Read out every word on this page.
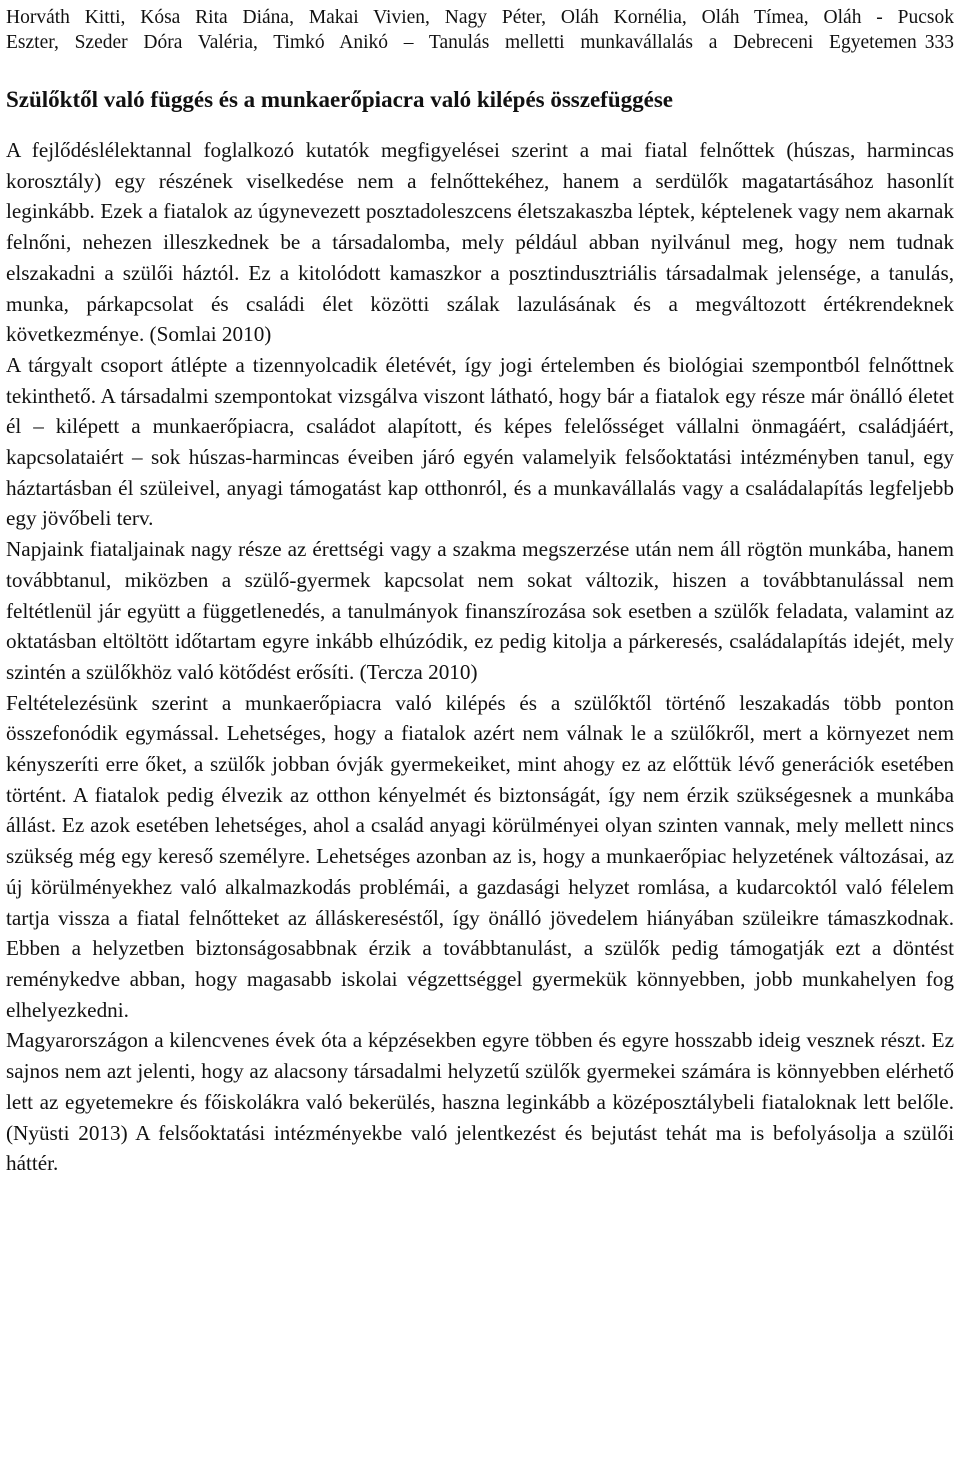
Horváth Kitti, Kósa Rita Diána, Makai Vivien, Nagy Péter, Oláh Kornélia, Oláh Tímea, Oláh - Pucsok
Eszter, Szeder Dóra Valéria, Timkó Anikó – Tanulás melletti munkavállalás a Debreceni Egyetemen 333
Szülőktől való függés és a munkaerőpiacra való kilépés összefüggése

A fejlődéslélektannal foglalkozó kutatók megfigyelései szerint a mai fiatal felnőttek (húszas, harmincas korosztály) egy részének viselkedése nem a felnőttekéhez, hanem a serdülők magatartásához hasonlít leginkább. Ezek a fiatalok az úgynevezett posztadoleszcens életszakaszba léptek, képtelenek vagy nem akarnak felnőni, nehezen illeszkednek be a társadalomba, mely például abban nyilvánul meg, hogy nem tudnak elszakadni a szülői háztól. Ez a kitolódott kamaszkor a posztindusztriális társadalmak jelensége, a tanulás, munka, párkapcsolat és családi élet közötti szálak lazulásának és a megváltozott értékrendeknek következménye. (Somlai 2010)

A tárgyalt csoport átlépte a tizennyolcadik életévét, így jogi értelemben és biológiai szempontból felnőttnek tekinthető. A társadalmi szempontokat vizsgálva viszont látható, hogy bár a fiatalok egy része már önálló életet él – kilépett a munkaerőpiacra, családot alapított, és képes felelősséget vállalni önmagáért, családjáért, kapcsolataiért – sok húszas-harmincas éveiben járó egyén valamelyik felsőoktatási intézményben tanul, egy háztartásban él szüleivel, anyagi támogatást kap otthonról, és a munkavállalás vagy a családalapítás legfeljebb egy jövőbeli terv.

Napjaink fiataljainak nagy része az érettségi vagy a szakma megszerzése után nem áll rögtön munkába, hanem továbbtanul, miközben a szülő-gyermek kapcsolat nem sokat változik, hiszen a továbbtanulással nem feltétlenül jár együtt a függetlenedés, a tanulmányok finanszírozása sok esetben a szülők feladata, valamint az oktatásban eltöltött időtartam egyre inkább elhúzódik, ez pedig kitolja a párkeresés, családalapítás idejét, mely szintén a szülőkhöz való kötődést erősíti. (Tercza 2010)

Feltételezésünk szerint a munkaerőpiacra való kilépés és a szülőktől történő leszakadás több ponton összefonódik egymással. Lehetséges, hogy a fiatalok azért nem válnak le a szülőkről, mert a környezet nem kényszeríti erre őket, a szülők jobban óvják gyermekeiket, mint ahogy ez az előttük lévő generációk esetében történt. A fiatalok pedig élvezik az otthon kényelmét és biztonságát, így nem érzik szükségesnek a munkába állást. Ez azok esetében lehetséges, ahol a család anyagi körülményei olyan szinten vannak, mely mellett nincs szükség még egy kereső személyre. Lehetséges azonban az is, hogy a munkaerőpiac helyzetének változásai, az új körülményekhez való alkalmazkodás problémái, a gazdasági helyzet romlása, a kudarcoktól való félelem tartja vissza a fiatal felnőtteket az álláskereséstől, így önálló jövedelem hiányában szüleikre támaszkodnak. Ebben a helyzetben biztonságosabbnak érzik a továbbtanulást, a szülők pedig támogatják ezt a döntést reménykedve abban, hogy magasabb iskolai végzettséggel gyermekük könnyebben, jobb munkahelyen fog elhelyezkedni.

Magyarországon a kilencvenes évek óta a képzésekben egyre többen és egyre hosszabb ideig vesznek részt. Ez sajnos nem azt jelenti, hogy az alacsony társadalmi helyzetű szülők gyermekei számára is könnyebben elérhető lett az egyetemekre és főiskolákra való bekerülés, haszna leginkább a középosztálybeli fiataloknak lett belőle. (Nyüsti 2013) A felsőoktatási intézményekbe való jelentkezést és bejutást tehát ma is befolyásolja a szülői háttér.
